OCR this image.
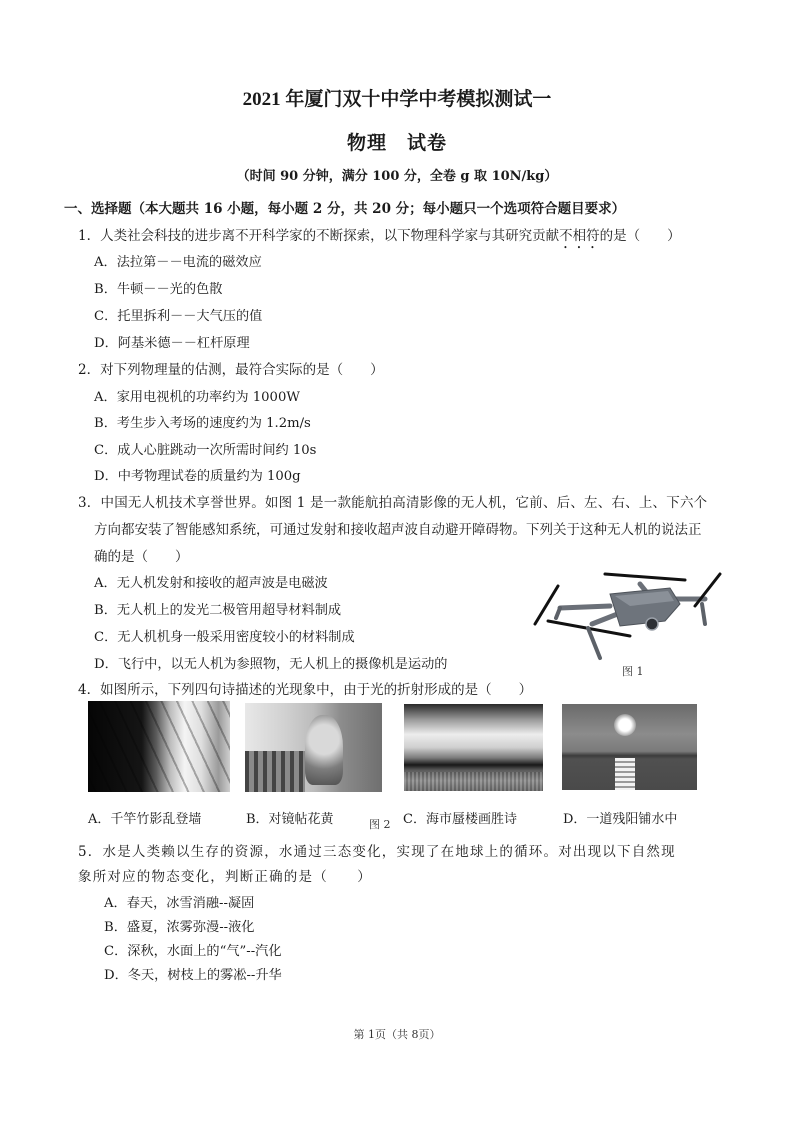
2021 年厦门双十中学中考模拟测试一
物理　试卷
（时间 90 分钟，满分 100 分，全卷 g 取 10N/kg）
一、选择题（本大题共 16 小题，每小题 2 分，共 20 分；每小题只一个选项符合题目要求）
1．人类社会科技的进步离不开科学家的不断探索，以下物理科学家与其研究贡献不相符的是（　　）
A．法拉第－－电流的磁效应
B．牛顿－－光的色散
C．托里拆利－－大气压的值
D．阿基米德－－杠杆原理
2．对下列物理量的估测，最符合实际的是（　　）
A．家用电视机的功率约为 1000W
B．考生步入考场的速度约为 1.2m/s
C．成人心脏跳动一次所需时间约 10s
D．中考物理试卷的质量约为 100g
3．中国无人机技术享誉世界。如图 1 是一款能航拍高清影像的无人机，它前、后、左、右、上、下六个
方向都安装了智能感知系统，可通过发射和接收超声波自动避开障碍物。下列关于这种无人机的说法正
确的是（　　）
A．无人机发射和接收的超声波是电磁波
B．无人机上的发光二极管用超导材料制成
C．无人机机身一般采用密度较小的材料制成
D．飞行中，以无人机为参照物，无人机上的摄像机是运动的	图 1
4．如图所示，下列四句诗描述的光现象中，由于光的折射形成的是（　　）
A．千竿竹影乱登墙	B．对镜帖花黄	图 2 C．海市蜃楼画胜诗	D．一道残阳铺水中
5．水是人类赖以生存的资源，水通过三态变化，实现了在地球上的循环。对出现以下自然现
象所对应的物态变化，判断正确的是（　　）
A．春天，冰雪消融--凝固
B．盛夏，浓雾弥漫--液化
C．深秋，水面上的“气”--汽化
D．冬天，树枝上的雾凇--升华
第 1页（共 8页）
